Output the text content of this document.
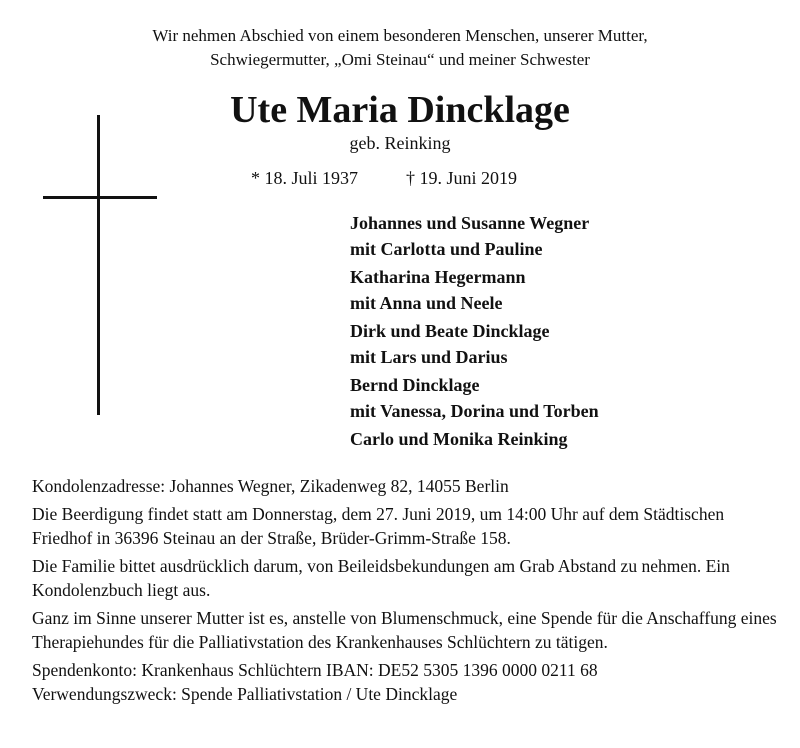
Wir nehmen Abschied von einem besonderen Menschen, unserer Mutter,
Schwiegermutter, „Omi Steinau“ und meiner Schwester
Ute Maria Dincklage
geb. Reinking
* 18. Juli 1937	† 19. Juni 2019
Johannes und Susanne Wegner
mit Carlotta und Pauline
Katharina Hegermann
mit Anna und Neele
Dirk und Beate Dincklage
mit Lars und Darius
Bernd Dincklage
mit Vanessa, Dorina und Torben
Carlo und Monika Reinking

Kondolenzadresse: Johannes Wegner, Zikadenweg 82, 14055 Berlin

Die Beerdigung findet statt am Donnerstag, dem 27. Juni 2019, um 14:00 Uhr auf dem Städtischen Friedhof in 36396 Steinau an der Straße, Brüder-Grimm-Straße 158.

Die Familie bittet ausdrücklich darum, von Beileidsbekundungen am Grab Abstand zu nehmen. Ein Kondolenzbuch liegt aus.

Ganz im Sinne unserer Mutter ist es, anstelle von Blumenschmuck, eine Spende für die Anschaffung eines Therapiehundes für die Palliativstation des Krankenhauses Schlüchtern zu tätigen.

Spendenkonto: Krankenhaus Schlüchtern IBAN: DE52 5305 1396 0000 0211 68
Verwendungszweck: Spende Palliativstation / Ute Dincklage
